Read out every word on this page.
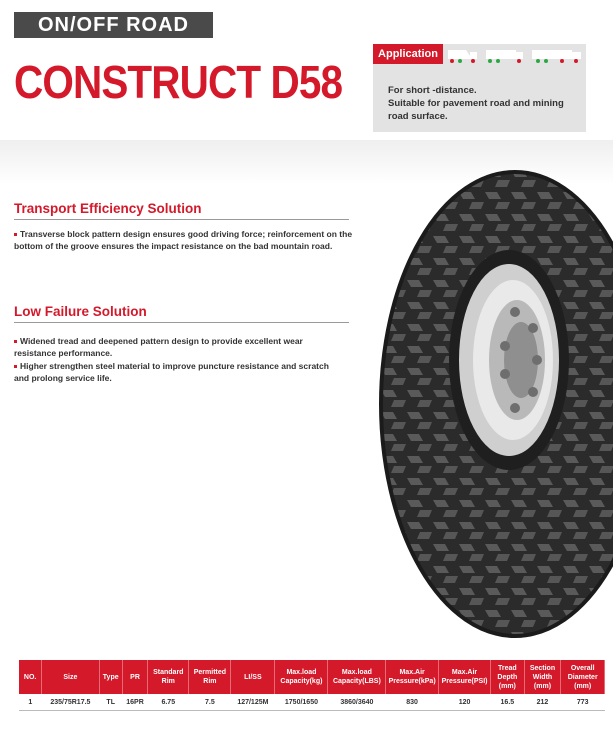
ON/OFF ROAD
CONSTRUCT D58
Application
For short -distance.
Suitable for pavement road and mining
road surface.
Transport Efficiency Solution
Transverse block pattern design ensures good driving force; reinforcement on the
bottom of the groove ensures the impact resistance on the bad mountain road.
Low Failure Solution
Widened tread and deepened pattern design to provide excellent wear
resistance performance.
Higher strengthen steel material to improve puncture resistance and scratch
and prolong service life.
NO.	Size	Type	PR	Standard Rim	Permitted Rim	LI/SS	Max.load Capacity(kg)	Max.load Capacity(LBS)	Max.Air Pressure(kPa)	Max.Air Pressure(PSI)	Tread Depth (mm)	Section Width (mm)	Overall Diameter (mm)
1	235/75R17.5	TL	16PR	6.75	7.5	127/125M	1750/1650	3860/3640	830	120	16.5	212	773
